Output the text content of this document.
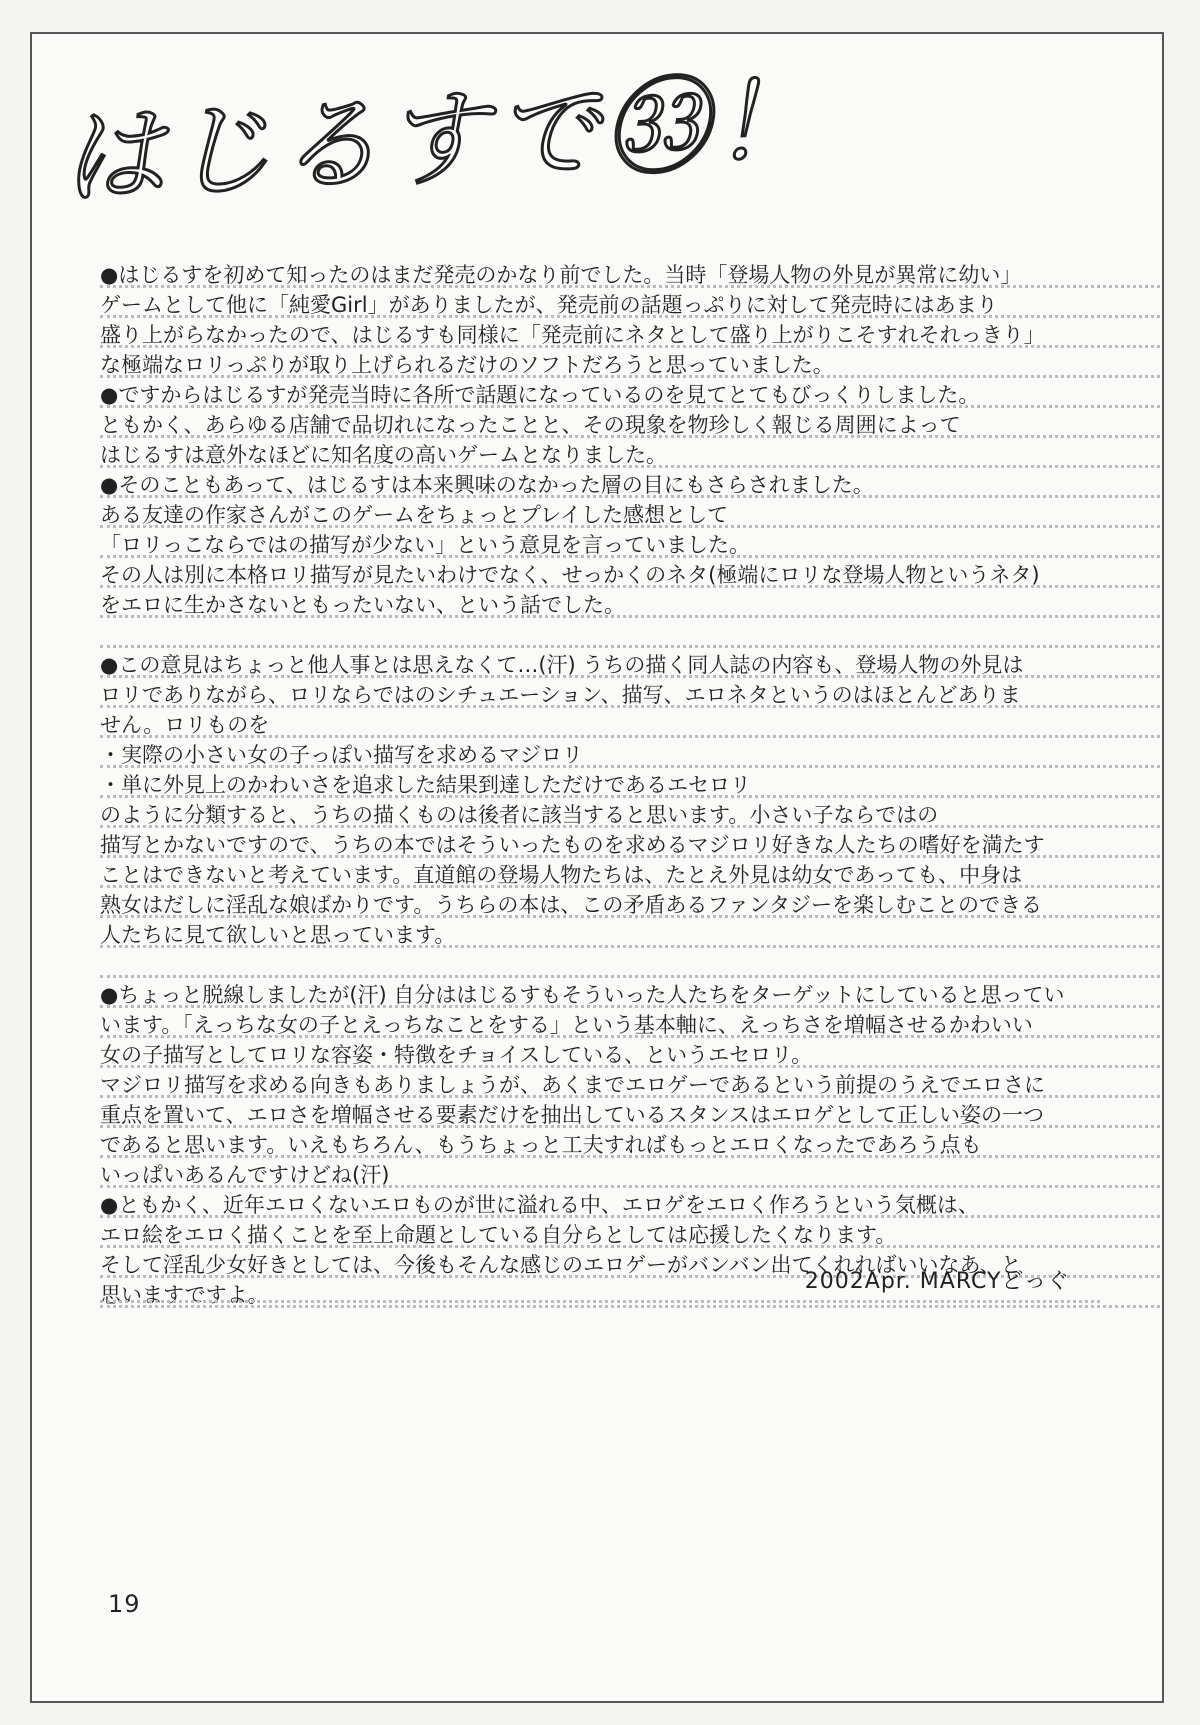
はじるすで㉝！
●はじるすを初めて知ったのはまだ発売のかなり前でした。当時「登場人物の外見が異常に幼い」
ゲームとして他に「純愛Girl」がありましたが、発売前の話題っぷりに対して発売時にはあまり
盛り上がらなかったので、はじるすも同様に「発売前にネタとして盛り上がりこそすれそれっきり」
な極端なロリっぷりが取り上げられるだけのソフトだろうと思っていました。
●ですからはじるすが発売当時に各所で話題になっているのを見てとてもびっくりしました。
ともかく、あらゆる店舗で品切れになったことと、その現象を物珍しく報じる周囲によって
はじるすは意外なほどに知名度の高いゲームとなりました。
●そのこともあって、はじるすは本来興味のなかった層の目にもさらされました。
ある友達の作家さんがこのゲームをちょっとプレイした感想として
「ロリっこならではの描写が少ない」という意見を言っていました。
その人は別に本格ロリ描写が見たいわけでなく、せっかくのネタ(極端にロリな登場人物というネタ)
をエロに生かさないともったいない、という話でした。
●この意見はちょっと他人事とは思えなくて…(汗) うちの描く同人誌の内容も、登場人物の外見は
ロリでありながら、ロリならではのシチュエーション、描写、エロネタというのはほとんどありま
せん。ロリものを
・実際の小さい女の子っぽい描写を求めるマジロリ
・単に外見上のかわいさを追求した結果到達しただけであるエセロリ
のように分類すると、うちの描くものは後者に該当すると思います。小さい子ならではの
描写とかないですので、うちの本ではそういったものを求めるマジロリ好きな人たちの嗜好を満たす
ことはできないと考えています。直道館の登場人物たちは、たとえ外見は幼女であっても、中身は
熟女はだしに淫乱な娘ばかりです。うちらの本は、この矛盾あるファンタジーを楽しむことのできる
人たちに見て欲しいと思っています。
●ちょっと脱線しましたが(汗) 自分ははじるすもそういった人たちをターゲットにしていると思ってい
います。「えっちな女の子とえっちなことをする」という基本軸に、えっちさを増幅させるかわいい
女の子描写としてロリな容姿・特徴をチョイスしている、というエセロリ。
マジロリ描写を求める向きもありましょうが、あくまでエロゲーであるという前提のうえでエロさに
重点を置いて、エロさを増幅させる要素だけを抽出しているスタンスはエロゲとして正しい姿の一つ
であると思います。いえもちろん、もうちょっと工夫すればもっとエロくなったであろう点も
いっぱいあるんですけどね(汗)
●ともかく、近年エロくないエロものが世に溢れる中、エロゲをエロく作ろうという気概は、
エロ絵をエロく描くことを至上命題としている自分らとしては応援したくなります。
そして淫乱少女好きとしては、今後もそんな感じのエロゲーがバンバン出てくれればいいなあ、と
思いますですよ。
2002Apr. MARCYどっぐ
19
